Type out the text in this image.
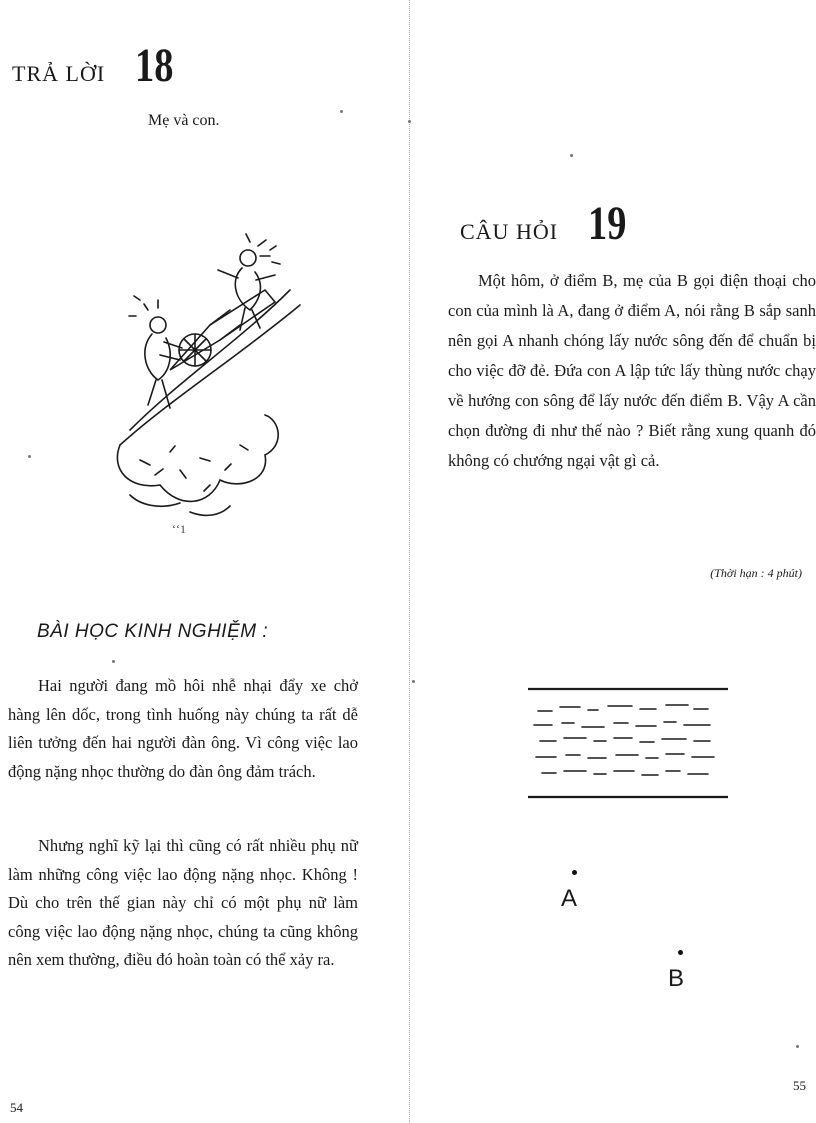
TRẢ LỜI 18
Mẹ và con.
ʻʻ1
BÀI HỌC KINH NGHIỆM :

Hai người đang mồ hôi nhễ nhại đẩy xe chở hàng lên dốc, trong tình huống này chúng ta rất dễ liên tưởng đến hai người đàn ông. Vì công việc lao động nặng nhọc thường do đàn ông đảm trách.

Nhưng nghĩ kỹ lại thì cũng có rất nhiều phụ nữ làm những công việc lao động nặng nhọc. Không ! Dù cho trên thế gian này chỉ có một phụ nữ làm công việc lao động nặng nhọc, chúng ta cũng không nên xem thường, điều đó hoàn toàn có thể xảy ra.

54
CÂU HỎI 19

Một hôm, ở điểm B, mẹ của B gọi điện thoại cho con của mình là A, đang ở điểm A, nói rằng B sắp sanh nên gọi A nhanh chóng lấy nước sông đến để chuẩn bị cho việc đỡ đẻ. Đứa con A lập tức lấy thùng nước chạy về hướng con sông để lấy nước đến điểm B. Vậy A cần chọn đường đi như thế nào ? Biết rằng xung quanh đó không có chướng ngại vật gì cả.

(Thời hạn : 4 phút)
A
B
55
